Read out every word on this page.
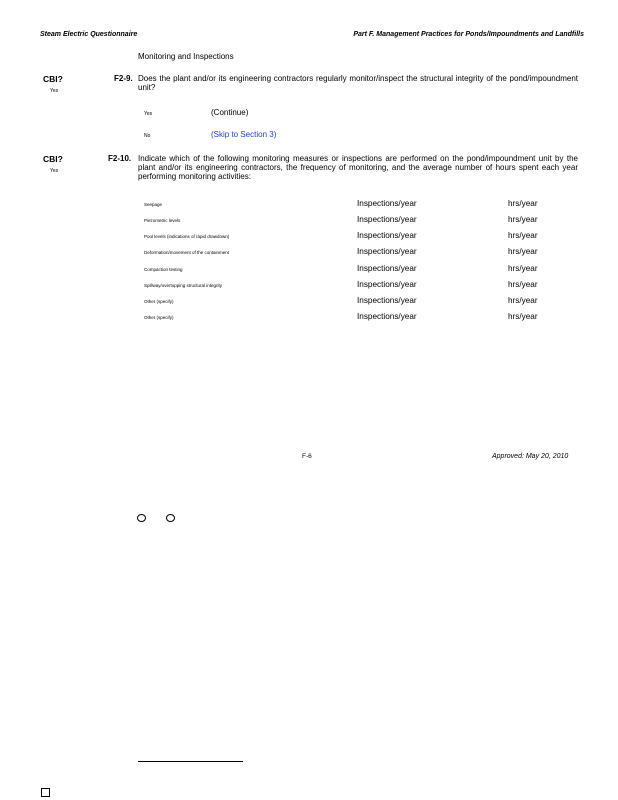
Steam Electric Questionnaire	Part F. Management Practices for Ponds/Impoundments and Landfills
Monitoring and Inspections
CBI?
Yes
F2-9. Does the plant and/or its engineering contractors regularly monitor/inspect the structural integrity of the pond/impoundment unit?
Yes	(Continue)
No	(Skip to Section 3)
CBI?
Yes
F2-10. Indicate which of the following monitoring measures or inspections are performed on the pond/impoundment unit by the plant and/or its engineering contractors, the frequency of monitoring, and the average number of hours spent each year performing monitoring activities:
Seepage	Inspections/year	hrs/year
Piezometric levels	Inspections/year	hrs/year
Pool levels (indications of rapid drawdown)	Inspections/year	hrs/year
Deformation/movement of the containment	Inspections/year	hrs/year
Compaction testing	Inspections/year	hrs/year
Spillway/overtopping structural integrity	Inspections/year	hrs/year
Other (specify)	Inspections/year	hrs/year
Other (specify)	Inspections/year	hrs/year
F-6	Approved: May 20, 2010
